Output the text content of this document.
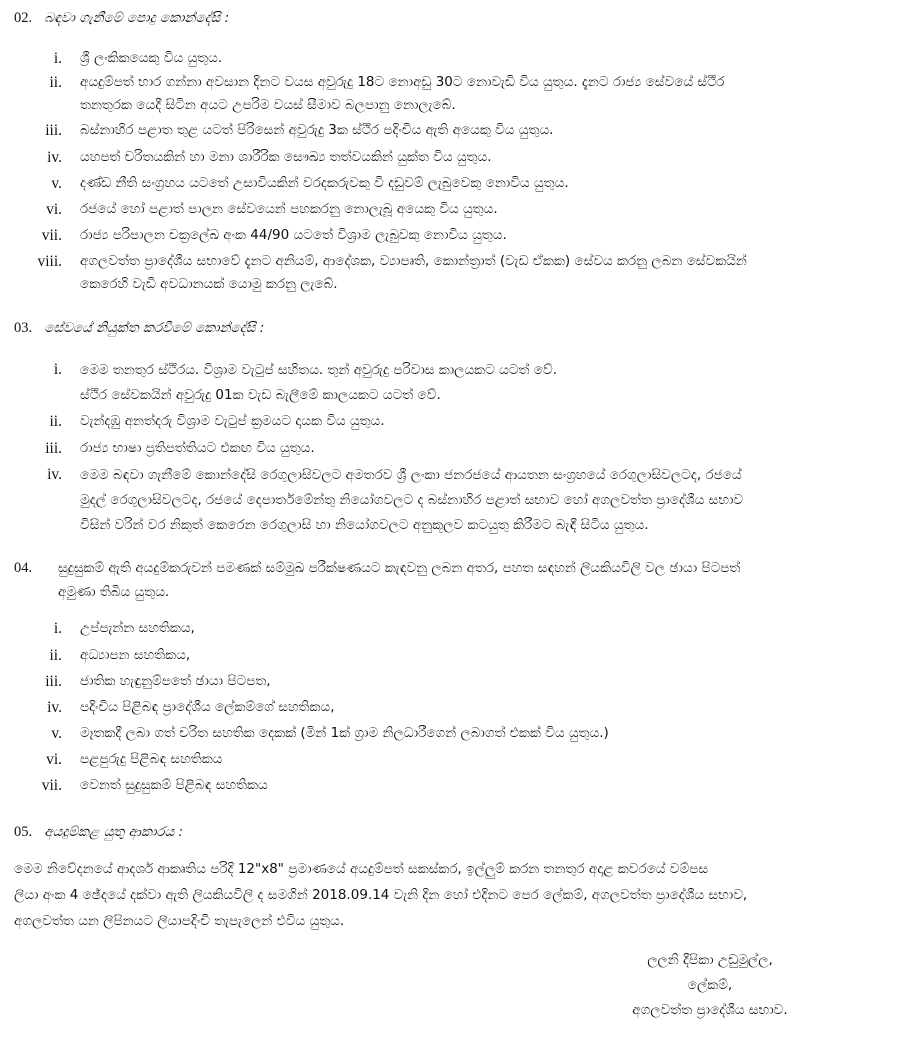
02. බඳවා ගැනීමේ පොදු කොන්දේසි :
i. ශ්‍රී ලංකිකයෙකු විය යුතුය.
ii. අයදුම්පත් භාර ගන්නා අවසාන දිනට වයස අවුරුදු 18ට නොඅඩු 30ට නොවැඩි විය යුතුය. දැනට රාජ්‍ය සේවයේ ස්ථිර
තනතුරක යෙදී සිටින අයට උපරිම වයස් සීමාව බලපානු නොලැබේ.
iii. බස්නාහිර පළාත තුළ යටත් පිරිසෙන් අවුරුදු 3ක ස්ථිර පදිංචිය ඇති අයෙකු විය යුතුය.
iv. යහපත් චරිතයකින් හා මනා ශාරීරික සෞඛ්‍ය තත්වයකින් යුක්ත විය යුතුය.
v. දණ්ඩ නීති සංග්‍රහය යටතේ උසාවියකින් වරදකරුවකු වී දඩුවම් ලැබුවෙකු නොවිය යුතුය.
vi. රජයේ හෝ පළාත් පාලන සේවයෙන් පහකරනු නොලැබූ අයෙකු විය යුතුය.
vii. රාජ්‍ය පරිපාලන චක්‍රලේඛ අංක 44/90 යටතේ විශ්‍රාම ලැබුවකු නොවිය යුතුය.
viii. අගලවත්ත ප්‍රාදේශීය සභාවේ දැනට අනියම්, ආදේශක, ව්‍යාපෘති, කොන්ත්‍රාත් (වැඩ ඒකක) සේවය කරනු ලබන සේවකයින්
කෙරෙහි වැඩි අවධානයක් යොමු කරනු ලැබේ.
03. සේවයේ නියුක්ත කරවීමේ කොන්දේසි :
i. මෙම තනතුර ස්ථිරය. විශ්‍රාම වැටුප් සහිතය. තුන් අවුරුදු පරිවාස කාලයකට යටත් වේ.
ස්ථිර සේවකයින් අවුරුදු 01ක වැඩ බැලීමේ කාලයකට යටත් වේ.
ii. වැන්දඹු අනත්දරු විශ්‍රාම වැටුප් ක්‍රමයට දායක විය යුතුය.
iii. රාජ්‍ය භාෂා ප්‍රතිපත්තියට එකඟ විය යුතුය.
iv. මෙම බඳවා ගැනීමේ කොන්දේසි රෙගුලාසිවලට අමතරව ශ්‍රී ලංකා ජනරජයේ ආයතන සංග්‍රහයේ රෙගුලාසිවලටද, රජයේ
මුදල් රෙගුලාසිවලටද, රජයේ දෙපාර්තමේන්තු නියෝගවලට ද බස්නාහිර පළාත් සභාව හෝ අගලවත්ත ප්‍රාදේශීය සභාව
විසින් වරින් වර නිකුත් කෙරෙන රෙගුලාසි හා නියෝගවලට අනුකූලව කටයුතු කිරීමට බැඳී සිටිය යුතුය.
04. සුදුසුකම් ඇති අයදුම්කරුවන් පමණක් සම්මුඛ පරීක්ෂණයට කැඳවනු ලබන අතර, පහත සඳහන් ලියකියවිලි වල ඡායා පිටපත්
අමුණා තිබිය යුතුය.
i. උප්පැන්න සහතිකය,
ii. අධ්‍යාපන සහතිකය,
iii. ජාතික හැඳුනුම්පතේ ඡායා පිටපත,
iv. පදිංචිය පිළිබඳ ප්‍රාදේශීය ලේකම්ගේ සහතිකය,
v. මෑතකදී ලබා ගත් චරිත සහතික දෙකක් (මින් 1ක් ග්‍රාම නිලධාරීගෙන් ලබාගත් එකක් විය යුතුය.)
vi. පළපුරුදු පිළිබඳ සහතිකය
vii. වෙනත් සුදුසුකම් පිළිබඳ සහතිකය
05. අයදුම්කළ යුතු ආකාරය :
මෙම නිවේදනයේ ආදර්ශ ආකෘතිය පරිදි 12"x8" ප්‍රමාණයේ අයදුම්පත් සකස්කර, ඉල්ලුම් කරන තනතුර අදාළ කවරයේ වම්පස
ලියා අංක 4 ඡේදයේ දක්වා ඇති ලියකියවිලි ද සමගින් 2018.09.14 වැනි දින හෝ එදිනට පෙර ලේකම්, අගලවත්ත ප්‍රාදේශීය සභාව,
අගලවත්ත යන ලිපිනයට ලියාපදිංචි තැපැලෙන් එවිය යුතුය.
ලලනි දීපිකා උඩුමුල්ල,
ලේකම්,
අගලවත්ත ප්‍රාදේශීය සභාව.
